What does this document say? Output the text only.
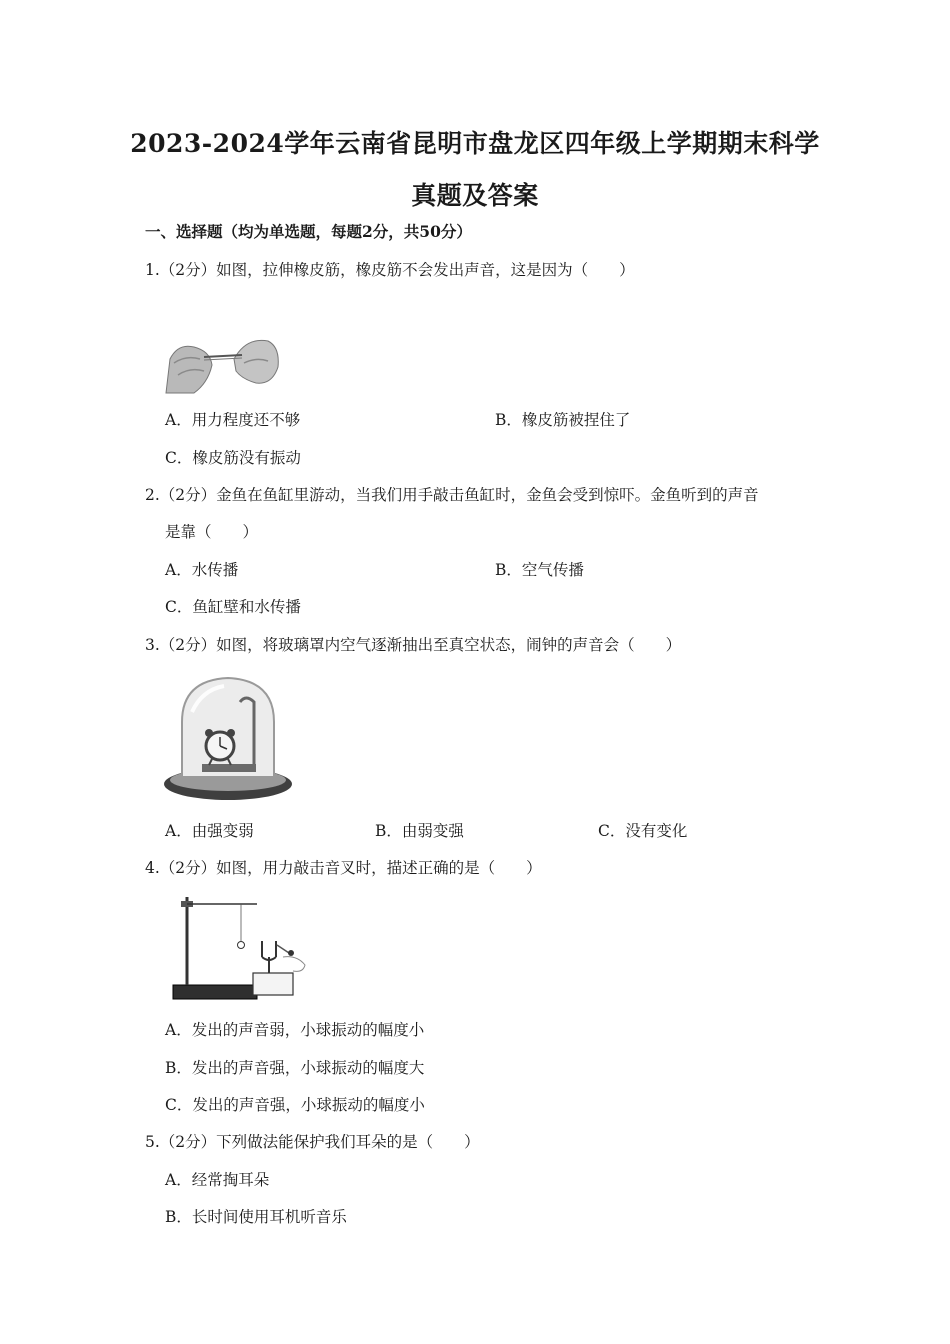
2023-2024学年云南省昆明市盘龙区四年级上学期期末科学
真题及答案
一、选择题（均为单选题，每题2分，共50分）
1.（2分）如图，拉伸橡皮筋，橡皮筋不会发出声音，这是因为（　　）
A．用力程度还不够	B．橡皮筋被捏住了
C．橡皮筋没有振动
2.（2分）金鱼在鱼缸里游动，当我们用手敲击鱼缸时，金鱼会受到惊吓。金鱼听到的声音
是靠（　　）
A．水传播	B．空气传播
C．鱼缸壁和水传播
3.（2分）如图，将玻璃罩内空气逐渐抽出至真空状态，闹钟的声音会（　　）
A．由强变弱	B．由弱变强	C．没有变化
4.（2分）如图，用力敲击音叉时，描述正确的是（　　）
A．发出的声音弱，小球振动的幅度小
B．发出的声音强，小球振动的幅度大
C．发出的声音强，小球振动的幅度小
5.（2分）下列做法能保护我们耳朵的是（　　）
A．经常掏耳朵
B．长时间使用耳机听音乐
